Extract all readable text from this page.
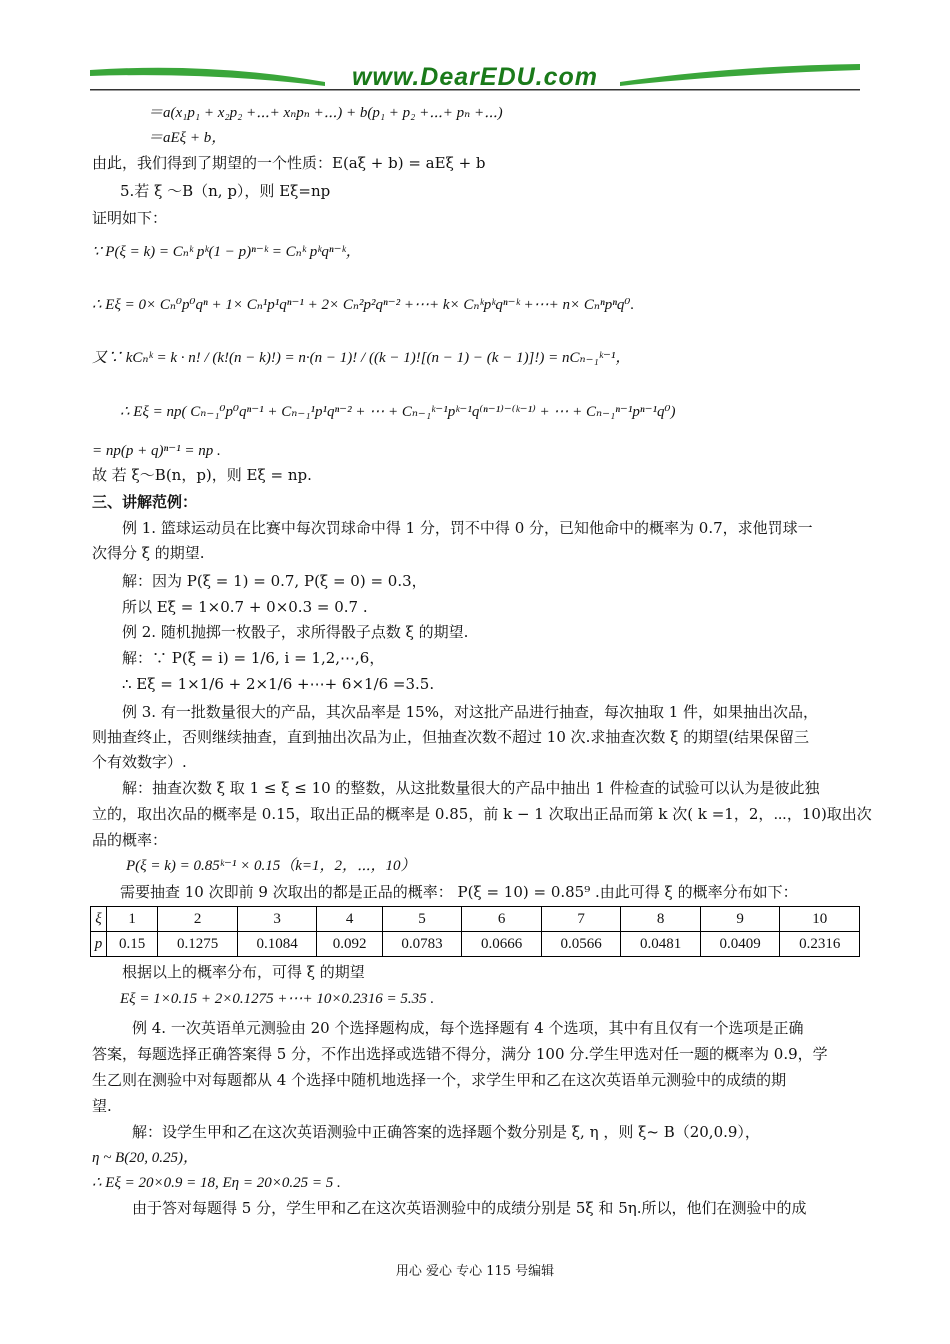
www.DearEDU.com
＝a(x₁p₁ + x₂p₂ +⋯+ xₙpₙ +⋯) + b(p₁ + p₂ +⋯+ pₙ +⋯)
＝aEξ + b，
由此，我们得到了期望的一个性质：E(aξ + b) = aEξ + b
5.若 ξ ～B（n, p），则 Eξ=np
证明如下：
∵ P(ξ = k) = Cₙᵏ pᵏ(1 − p)ⁿ⁻ᵏ = Cₙᵏ pᵏqⁿ⁻ᵏ，
∴ Eξ = 0× Cₙ⁰p⁰qⁿ + 1× Cₙ¹p¹qⁿ⁻¹ + 2× Cₙ²p²qⁿ⁻² +⋯+ k× Cₙᵏpᵏqⁿ⁻ᵏ +⋯+ n× Cₙⁿpⁿq⁰.
又∵ kCₙᵏ = k · n! / (k!(n − k)!) = n·(n − 1)! / ((k − 1)![(n − 1) − (k − 1)]!) = nCₙ₋₁ᵏ⁻¹，
∴ Eξ = np( Cₙ₋₁⁰p⁰qⁿ⁻¹ + Cₙ₋₁¹p¹qⁿ⁻² + ⋯ + Cₙ₋₁ᵏ⁻¹pᵏ⁻¹q⁽ⁿ⁻¹⁾⁻⁽ᵏ⁻¹⁾ + ⋯ + Cₙ₋₁ⁿ⁻¹pⁿ⁻¹q⁰)
= np(p + q)ⁿ⁻¹ = np .
故 若 ξ～B(n，p)，则 Eξ = np.
三、讲解范例：
例 1. 篮球运动员在比赛中每次罚球命中得 1 分，罚不中得 0 分，已知他命中的概率为 0.7，求他罚球一
次得分 ξ 的期望.
解：因为 P(ξ = 1) = 0.7, P(ξ = 0) = 0.3，
所以 Eξ = 1×0.7 + 0×0.3 = 0.7 .
例 2. 随机抛掷一枚骰子，求所得骰子点数 ξ 的期望.
解：∵ P(ξ = i) = 1/6, i = 1,2,⋯,6，
∴ Eξ = 1×1/6 + 2×1/6 +⋯+ 6×1/6 =3.5.
例 3. 有一批数量很大的产品，其次品率是 15%，对这批产品进行抽查，每次抽取 1 件，如果抽出次品，
则抽查终止，否则继续抽查，直到抽出次品为止，但抽查次数不超过 10 次.求抽查次数 ξ 的期望(结果保留三
个有效数字）.
解：抽查次数 ξ 取 1 ≤ ξ ≤ 10 的整数，从这批数量很大的产品中抽出 1 件检查的试验可以认为是彼此独
立的，取出次品的概率是 0.15，取出正品的概率是 0.85，前 k − 1 次取出正品而第 k 次( k =1，2，⋯，10)取出次
品的概率：
P(ξ = k) = 0.85ᵏ⁻¹ × 0.15（k=1，2，⋯，10）
需要抽查 10 次即前 9 次取出的都是正品的概率： P(ξ = 10) = 0.85⁹ .由此可得 ξ 的概率分布如下：
ξ	1	2	3	4	5	6	7	8	9	10
p	0.15	0.1275	0.1084	0.092	0.0783	0.0666	0.0566	0.0481	0.0409	0.2316
根据以上的概率分布，可得 ξ 的期望
Eξ = 1×0.15 + 2×0.1275 +⋯+ 10×0.2316 = 5.35 .
例 4. 一次英语单元测验由 20 个选择题构成，每个选择题有 4 个选项，其中有且仅有一个选项是正确
答案，每题选择正确答案得 5 分，不作出选择或选错不得分，满分 100 分.学生甲选对任一题的概率为 0.9，学
生乙则在测验中对每题都从 4 个选择中随机地选择一个，求学生甲和乙在这次英语单元测验中的成绩的期
望.
解：设学生甲和乙在这次英语测验中正确答案的选择题个数分别是 ξ, η ，则 ξ~ B（20,0.9），
η ~ B(20, 0.25)，
∴ Eξ = 20×0.9 = 18, Eη = 20×0.25 = 5 .
由于答对每题得 5 分，学生甲和乙在这次英语测验中的成绩分别是 5ξ 和 5η.所以，他们在测验中的成
用心 爱心 专心 115 号编辑
